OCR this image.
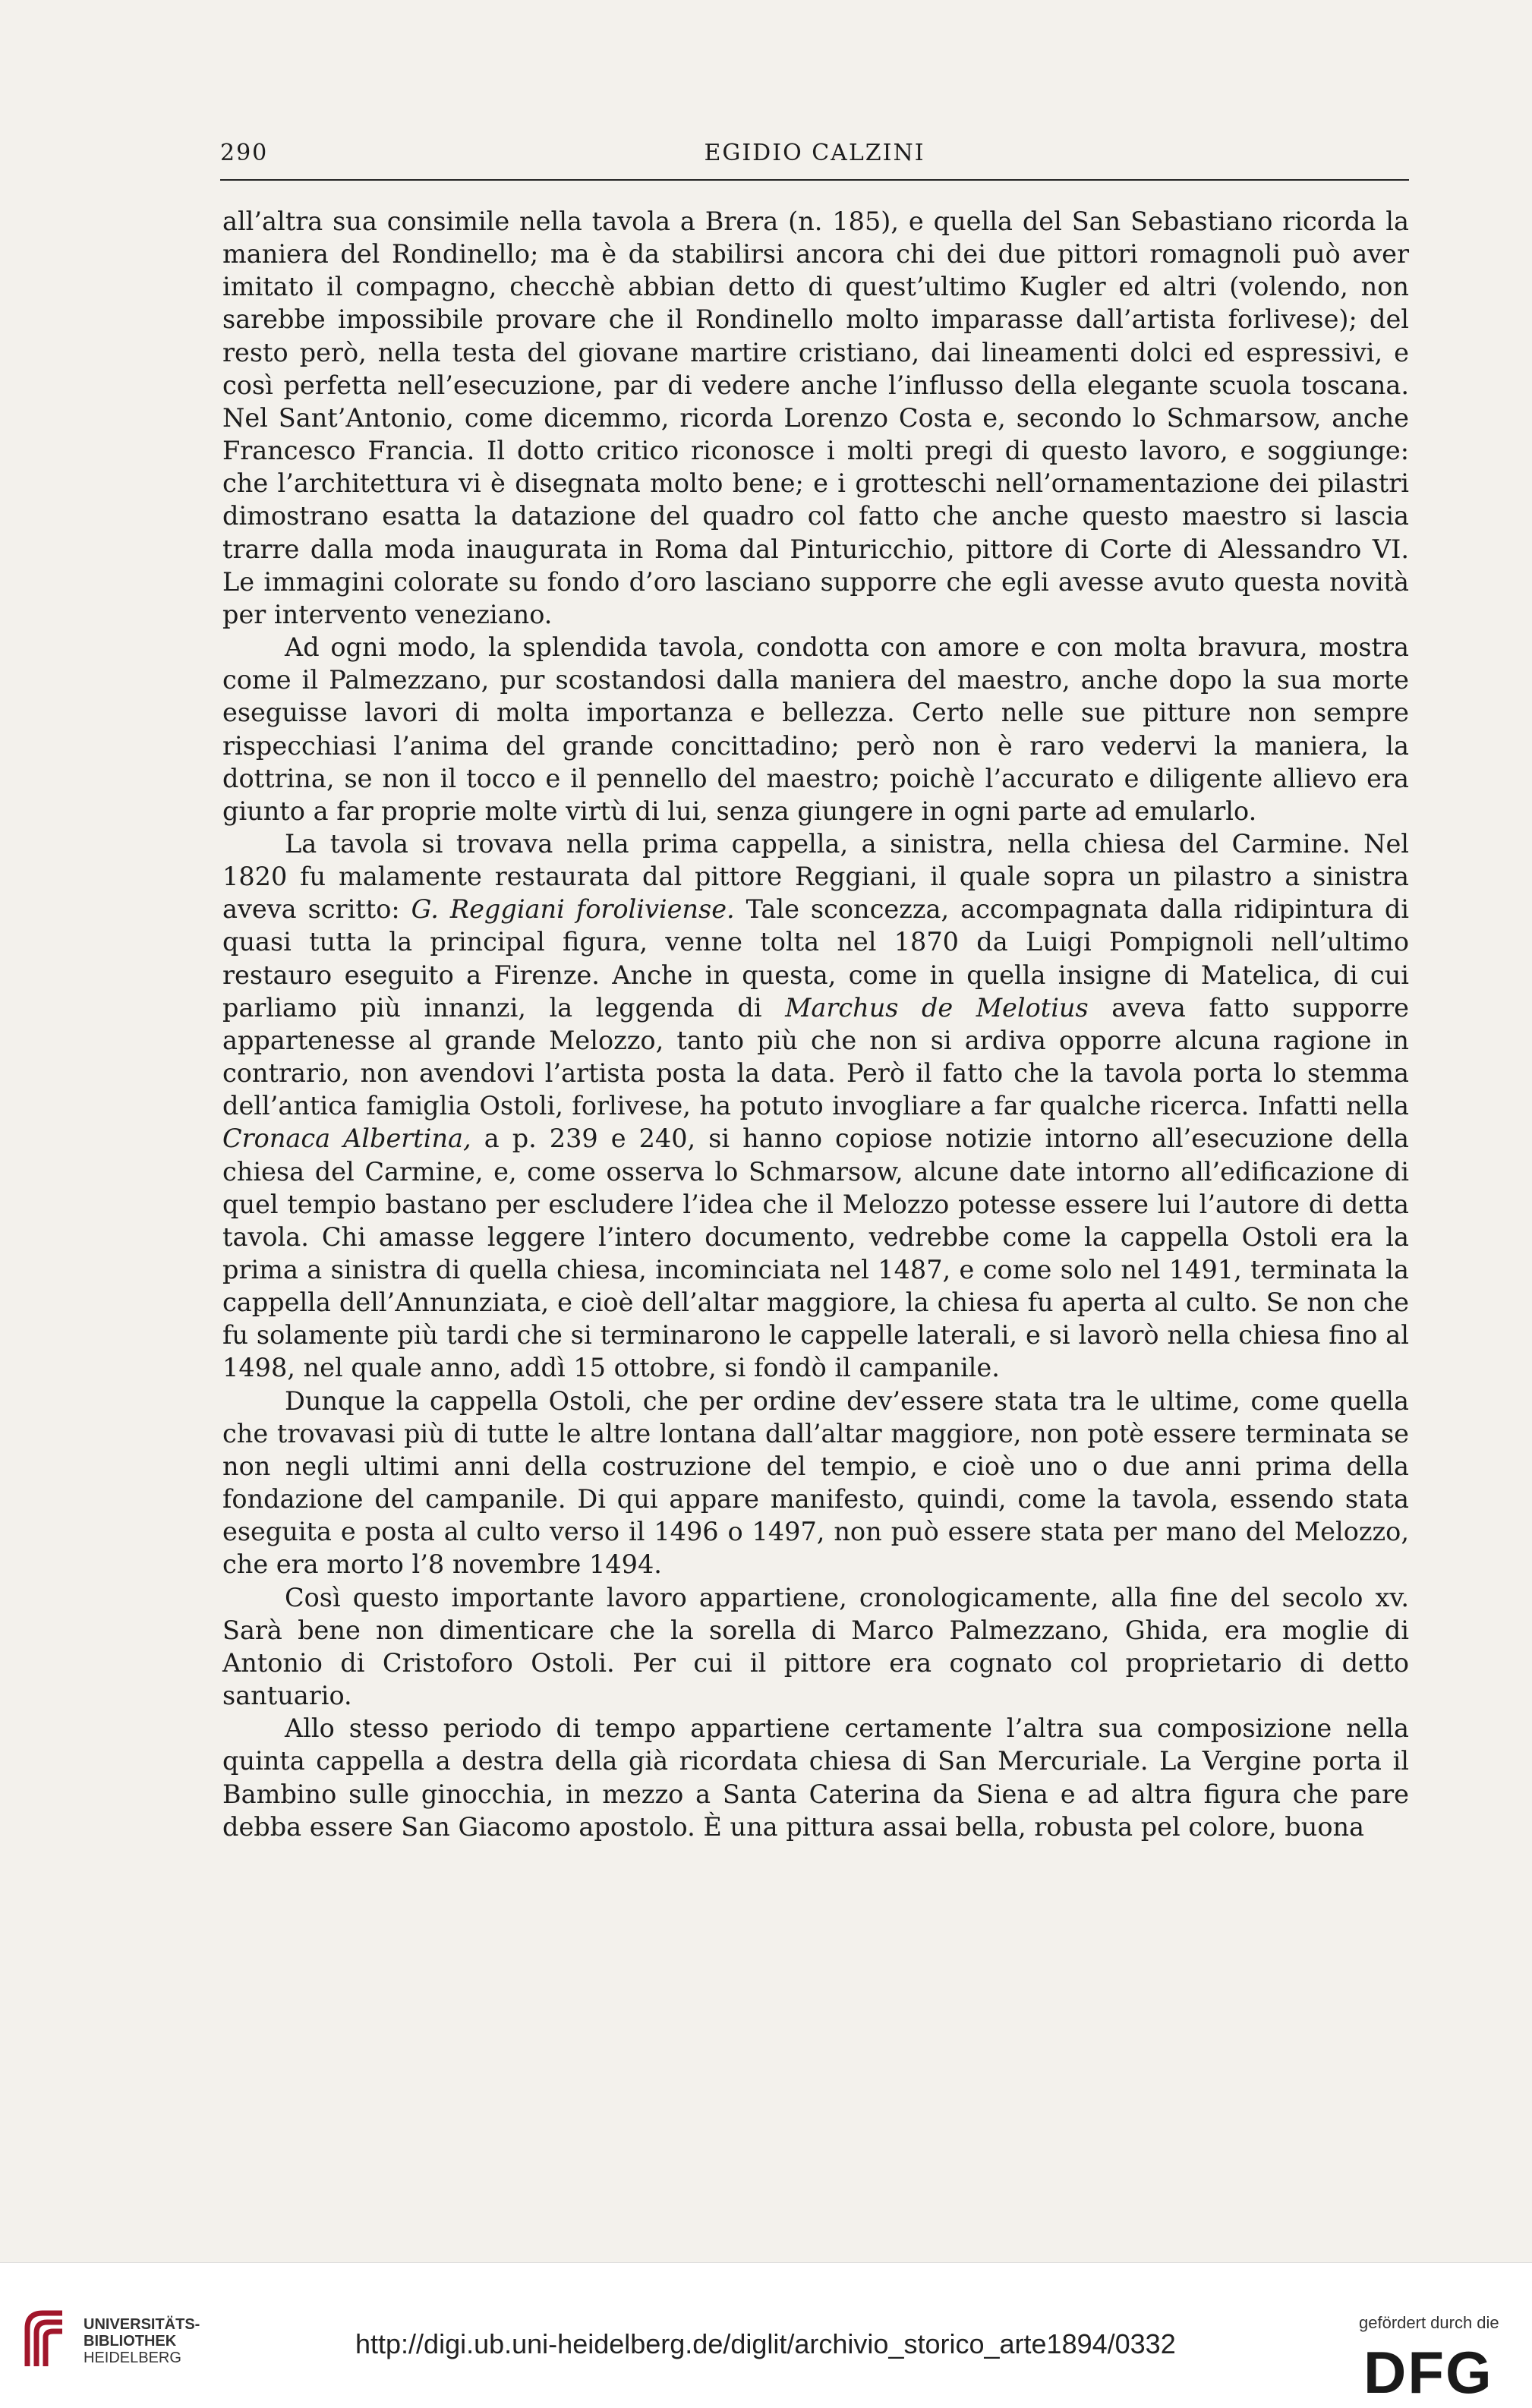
290	EGIDIO CALZINI

all’altra sua consimile nella tavola a Brera (n. 185), e quella del San Sebastiano ricorda la maniera del Rondinello; ma è da stabilirsi ancora chi dei due pittori romagnoli può aver imitato il compagno, checchè abbian detto di quest’ultimo Kugler ed altri (volendo, non sarebbe impossibile provare che il Rondinello molto imparasse dall’artista forlivese); del resto però, nella testa del giovane martire cristiano, dai lineamenti dolci ed espressivi, e così perfetta nell’esecuzione, par di vedere anche l’influsso della elegante scuola toscana. Nel Sant’Antonio, come dicemmo, ricorda Lorenzo Costa e, secondo lo Schmarsow, anche Francesco Francia. Il dotto critico riconosce i molti pregi di questo lavoro, e soggiunge: che l’architettura vi è disegnata molto bene; e i grotteschi nell’ornamentazione dei pilastri dimostrano esatta la datazione del quadro col fatto che anche questo maestro si lascia trarre dalla moda inaugurata in Roma dal Pinturicchio, pittore di Corte di Alessandro VI. Le immagini colorate su fondo d’oro lasciano supporre che egli avesse avuto questa novità per intervento veneziano.

Ad ogni modo, la splendida tavola, condotta con amore e con molta bravura, mostra come il Palmezzano, pur scostandosi dalla maniera del maestro, anche dopo la sua morte eseguisse lavori di molta importanza e bellezza. Certo nelle sue pitture non sempre rispecchiasi l’anima del grande concittadino; però non è raro vedervi la maniera, la dottrina, se non il tocco e il pennello del maestro; poichè l’accurato e diligente allievo era giunto a far proprie molte virtù di lui, senza giungere in ogni parte ad emularlo.

La tavola si trovava nella prima cappella, a sinistra, nella chiesa del Carmine. Nel 1820 fu malamente restaurata dal pittore Reggiani, il quale sopra un pilastro a sinistra aveva scritto: G. Reggiani foroliviense. Tale sconcezza, accompagnata dalla ridipintura di quasi tutta la principal figura, venne tolta nel 1870 da Luigi Pompignoli nell’ultimo restauro eseguito a Firenze. Anche in questa, come in quella insigne di Matelica, di cui parliamo più innanzi, la leggenda di Marchus de Melotius aveva fatto supporre appartenesse al grande Melozzo, tanto più che non si ardiva opporre alcuna ragione in contrario, non avendovi l’artista posta la data. Però il fatto che la tavola porta lo stemma dell’antica famiglia Ostoli, forlivese, ha potuto invogliare a far qualche ricerca. Infatti nella Cronaca Albertina, a p. 239 e 240, si hanno copiose notizie intorno all’esecuzione della chiesa del Carmine, e, come osserva lo Schmarsow, alcune date intorno all’edificazione di quel tempio bastano per escludere l’idea che il Melozzo potesse essere lui l’autore di detta tavola. Chi amasse leggere l’intero documento, vedrebbe come la cappella Ostoli era la prima a sinistra di quella chiesa, incominciata nel 1487, e come solo nel 1491, terminata la cappella dell’Annunziata, e cioè dell’altar maggiore, la chiesa fu aperta al culto. Se non che fu solamente più tardi che si terminarono le cappelle laterali, e si lavorò nella chiesa fino al 1498, nel quale anno, addì 15 ottobre, si fondò il campanile.

Dunque la cappella Ostoli, che per ordine dev’essere stata tra le ultime, come quella che trovavasi più di tutte le altre lontana dall’altar maggiore, non potè essere terminata se non negli ultimi anni della costruzione del tempio, e cioè uno o due anni prima della fondazione del campanile. Di qui appare manifesto, quindi, come la tavola, essendo stata eseguita e posta al culto verso il 1496 o 1497, non può essere stata per mano del Melozzo, che era morto l’8 novembre 1494.

Così questo importante lavoro appartiene, cronologicamente, alla fine del secolo xv. Sarà bene non dimenticare che la sorella di Marco Palmezzano, Ghida, era moglie di Antonio di Cristoforo Ostoli. Per cui il pittore era cognato col proprietario di detto santuario.

Allo stesso periodo di tempo appartiene certamente l’altra sua composizione nella quinta cappella a destra della già ricordata chiesa di San Mercuriale. La Vergine porta il Bambino sulle ginocchia, in mezzo a Santa Caterina da Siena e ad altra figura che pare debba essere San Giacomo apostolo. È una pittura assai bella, robusta pel colore, buona

UNIVERSITÄTS-
BIBLIOTHEK
HEIDELBERG	http://digi.ub.uni-heidelberg.de/diglit/archivio_storico_arte1894/0332
gefördert durch die
DFG
